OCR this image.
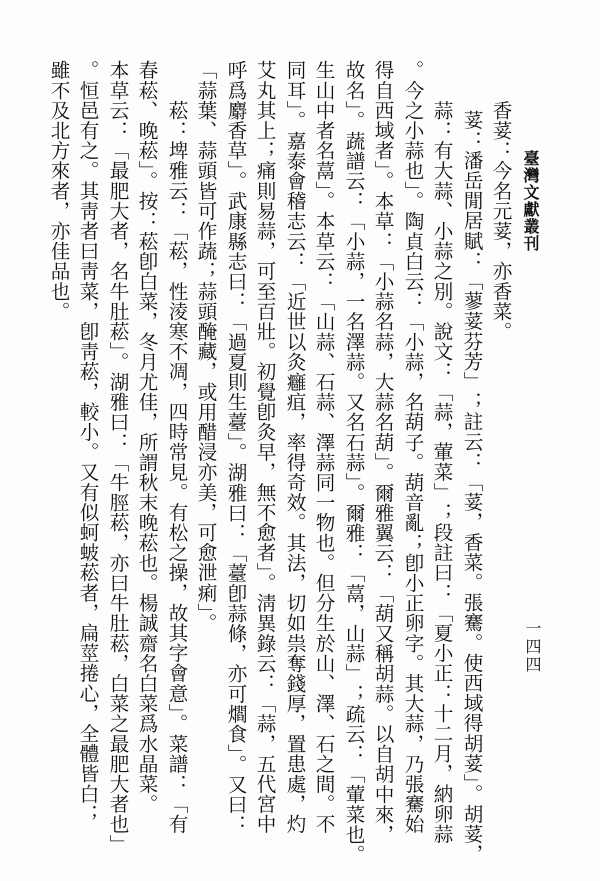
臺灣文獻叢刊
一四四
　　香荽：今名元荽，亦香菜。
荽：潘岳閒居賦：「蓼荽芬芳」；註云：「荽，香菜。張騫。使西域得胡荽」。胡荽，
　　蒜：有大蒜、小蒜之別。說文：「蒜，葷菜」；段註曰：「夏小正：十二月，納卵蒜
。今之小蒜也」。陶貞白云：「小蒜，名葫子。葫音亂；卽小正卵字。其大蒜，乃張騫始
得自西域者」。本草：「小蒜名蒜，大蒜名葫」。爾雅翼云：「葫又稱胡蒜。以自胡中來，
故名」。蔬譜云：「小蒜，一名澤蒜。又名石蒜」。爾雅：「蒚，山蒜」；疏云：「葷菜也。
生山中者名蒚」。本草云：「山蒜、石蒜、澤蒜同一物也。但分生於山、澤、石之間。不
同耳」。嘉泰會稽志云：「近世以灸癰疽，率得奇效。其法，切如祟奪錢厚，置患處，灼
艾丸其上；痛則易蒜，可至百壯。初覺卽灸早，無不愈者」。淸異錄云：「蒜，五代宮中
呼爲麝香草」。武康縣志曰：「過夏則生薹」。湖雅曰：「薹卽蒜條，亦可爓食」。又曰：
「蒜葉、蒜頭皆可作蔬；蒜頭醃藏，或用醋浸亦美，可愈泄痢」。
　　菘：埤雅云：「菘，性淩寒不凋，四時常見。有松之操，故其字會意」。菜譜：「有
春菘、晚菘」。按：菘卽白菜，冬月尤佳，所謂秋末晚菘也。楊誠齋名白菜爲水晶菜。
本草云：「最肥大者，名牛肚菘」。湖雅曰：「牛脛菘，亦曰牛肚菘，白菜之最肥大者也」
。恒邑有之。其靑者曰靑菜，卽靑菘，較小。又有似蚵蚾菘者，扁莖捲心，全體皆白；
雖不及北方來者，亦佳品也。
